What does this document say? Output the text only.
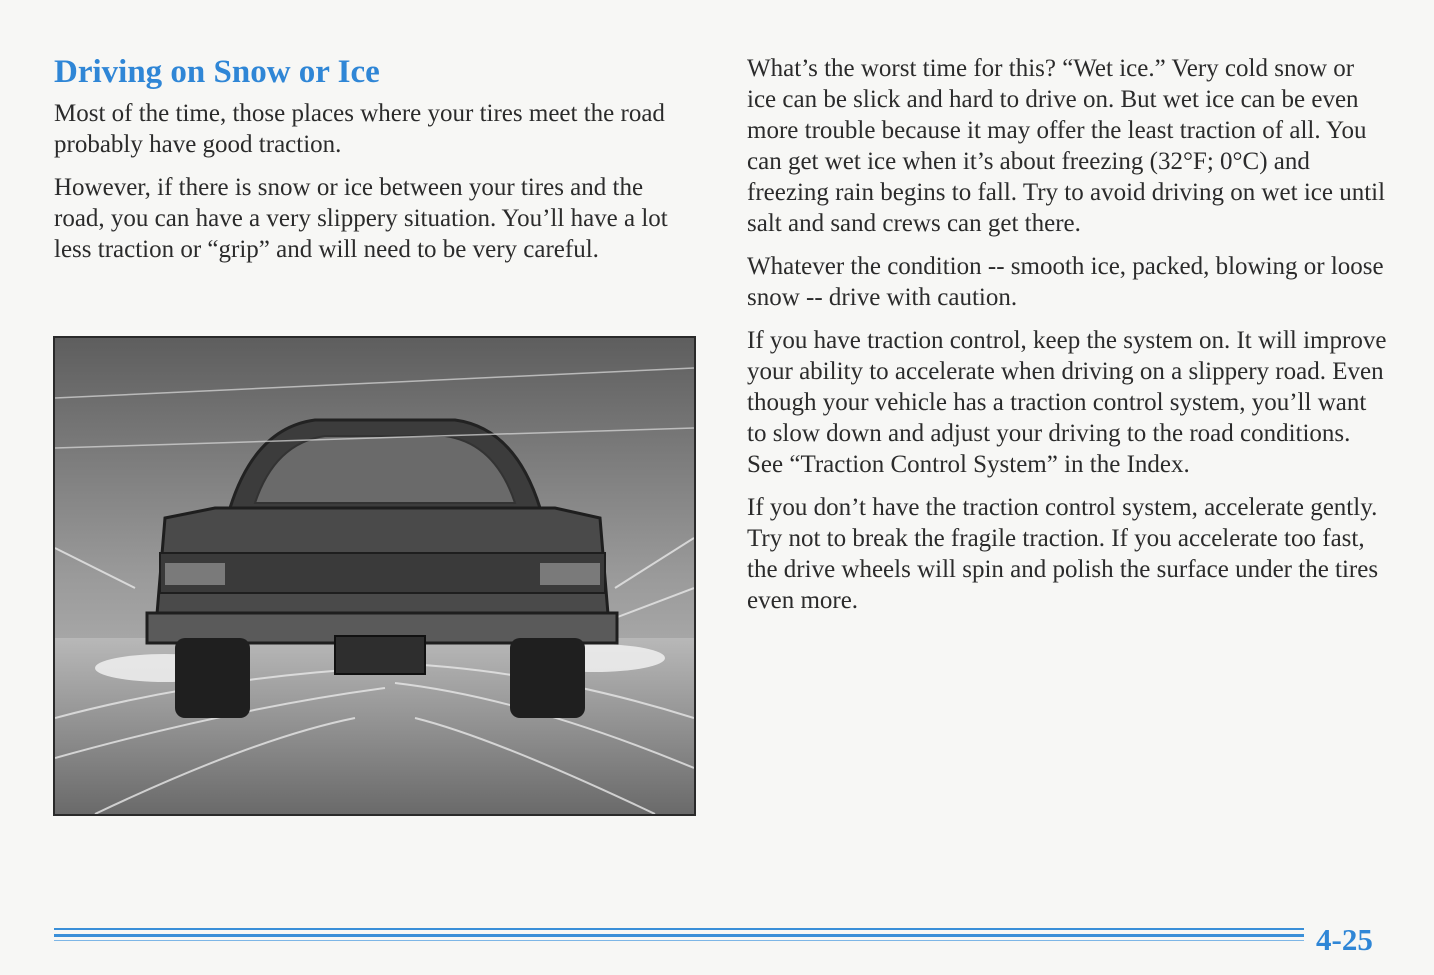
Driving on Snow or Ice

Most of the time, those places where your tires meet the road probably have good traction.

However, if there is snow or ice between your tires and the road, you can have a very slippery situation. You’ll have a lot less traction or “grip” and will need to be very careful.

What’s the worst time for this? “Wet ice.” Very cold snow or ice can be slick and hard to drive on. But wet ice can be even more trouble because it may offer the least traction of all. You can get wet ice when it’s about freezing (32°F; 0°C) and freezing rain begins to fall. Try to avoid driving on wet ice until salt and sand crews can get there.

Whatever the condition -- smooth ice, packed, blowing or loose snow -- drive with caution.

If you have traction control, keep the system on. It will improve your ability to accelerate when driving on a slippery road. Even though your vehicle has a traction control system, you’ll want to slow down and adjust your driving to the road conditions. See “Traction Control System” in the Index.

If you don’t have the traction control system, accelerate gently. Try not to break the fragile traction. If you accelerate too fast, the drive wheels will spin and polish the surface under the tires even more.

4-25
